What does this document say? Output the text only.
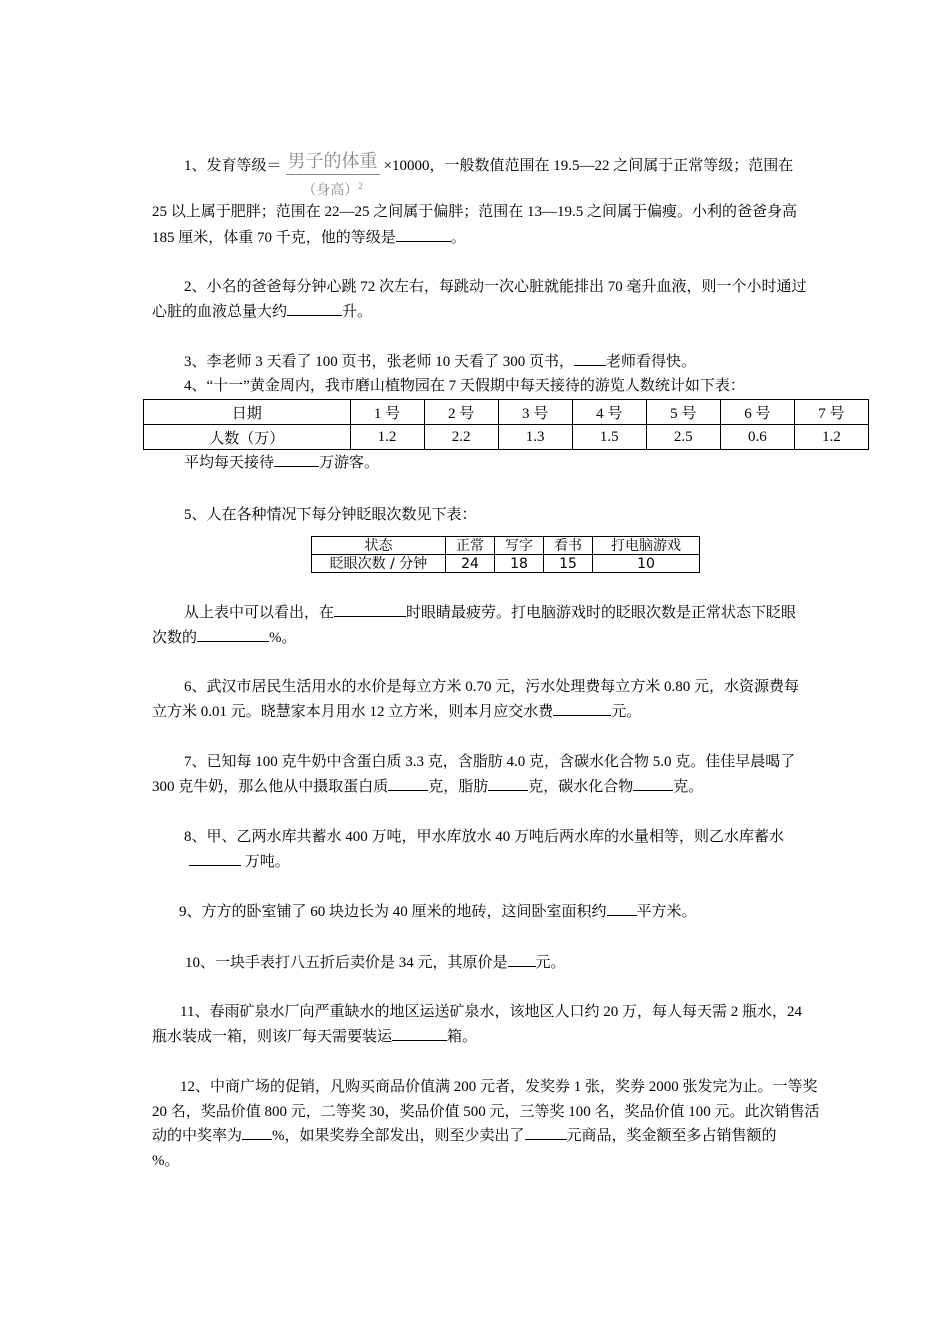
1、发育等级＝ $\frac{\text{男子的体重}}{(身高)^2} \times 10000$，一般数值范围在 19.5—22 之间属于正常等级；范围在
25 以上属于肥胖；范围在 22—25 之间属于偏胖；范围在 13—19.5 之间属于偏瘦。小利的爸爸身高
185 厘米，体重 70 千克，他的等级是	。
2、小名的爸爸每分钟心跳 72 次左右，每跳动一次心脏就能排出 70 毫升血液，则一个小时通过
心脏的血液总量大约	升。
3、李老师 3 天看了 100 页书，张老师 10 天看了 300 页书， 老师看得快。
4、“十一”黄金周内，我市磨山植物园在 7 天假期中每天接待的游览人数统计如下表：
日期	1 号	2 号	3 号	4 号	5 号	6 号	7 号
人数（万）	1.2	2.2	1.3	1.5	2.5	0.6	1.2
平均每天接待	万游客。
5、人在各种情况下每分钟眨眼次数见下表：
状态	正常	写字	看书	打电脑游戏
眨眼次数 / 分钟	24	18	15	10
从上表中可以看出，在	时眼睛最疲劳。打电脑游戏时的眨眼次数是正常状态下眨眼
次数的	%。
6、武汉市居民生活用水的水价是每立方米 0.70 元，污水处理费每立方米 0.80 元，水资源费每
立方米 0.01 元。晓慧家本月用水 12 立方米，则本月应交水费	元。
7、已知每 100 克牛奶中含蛋白质 3.3 克，含脂肪 4.0 克，含碳水化合物 5.0 克。佳佳早晨喝了
300 克牛奶，那么他从中摄取蛋白质	克，脂肪	克，碳水化合物	克。
8、甲、乙两水库共蓄水 400 万吨，甲水库放水 40 万吨后两水库的水量相等，则乙水库蓄水
万吨。
9、方方的卧室铺了 60 块边长为 40 厘米的地砖，这间卧室面积约 平方米。
10、一块手表打八五折后卖价是 34 元，其原价是 元。
11、春雨矿泉水厂向严重缺水的地区运送矿泉水，该地区人口约 20 万，每人每天需 2 瓶水，24
瓶水装成一箱，则该厂每天需要装运	箱。
12、中商广场的促销，凡购买商品价值满 200 元者，发奖券 1 张，奖券 2000 张发完为止。一等奖
20 名，奖品价值 800 元，二等奖 30，奖品价值 500 元，三等奖 100 名，奖品价值 100 元。此次销售活
动的中奖率为 %，如果奖券全部发出，则至少卖出了	元商品，奖金额至多占销售额的
%。
